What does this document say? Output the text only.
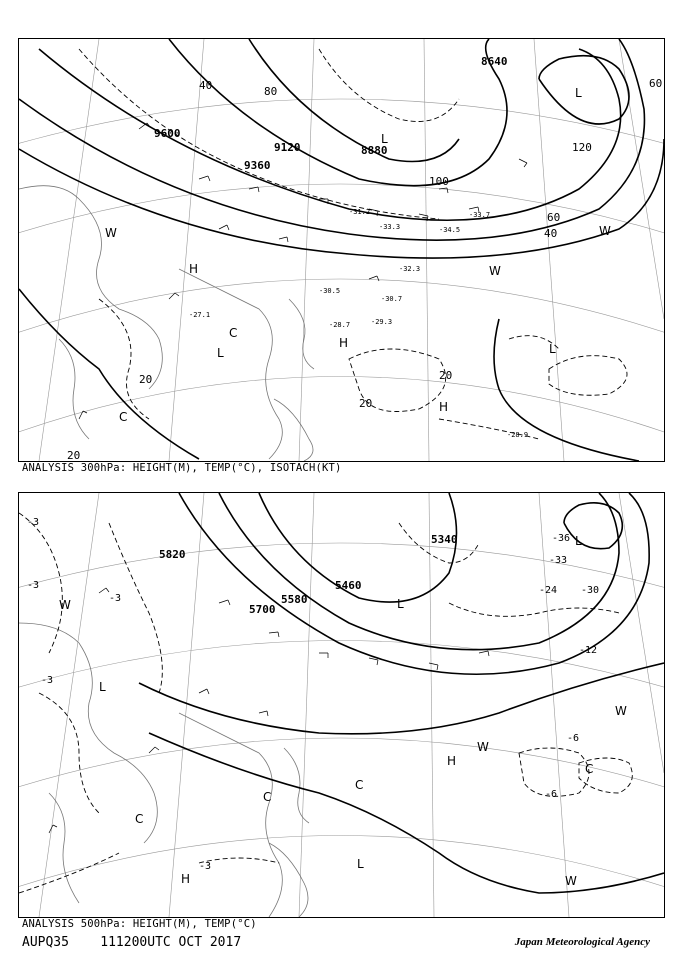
9600
9360
9120	8880
8640
20
20
20
20
40
40
60
60
80
100
120
-27.1
-28.7	-29.3
-30.5
-30.7
-31.2
-32.3
-33.3
-33.7
-34.5
-28.9
H
H
H
L	L
L
L
C
C
W
W
W
ANALYSIS 300hPa: HEIGHT(M), TEMP(°C), ISOTACH(KT)
5820
5700
5580
5460
5340
-3
-3
-3
-3
-3
-6
-6
-12
-24 -30
-33
-36
H
H
L
L
L
L
C
C
C
C
W
W
W
W
ANALYSIS 500hPa: HEIGHT(M), TEMP(°C)
AUPQ35 111200UTC OCT 2017	Japan Meteorological Agency
